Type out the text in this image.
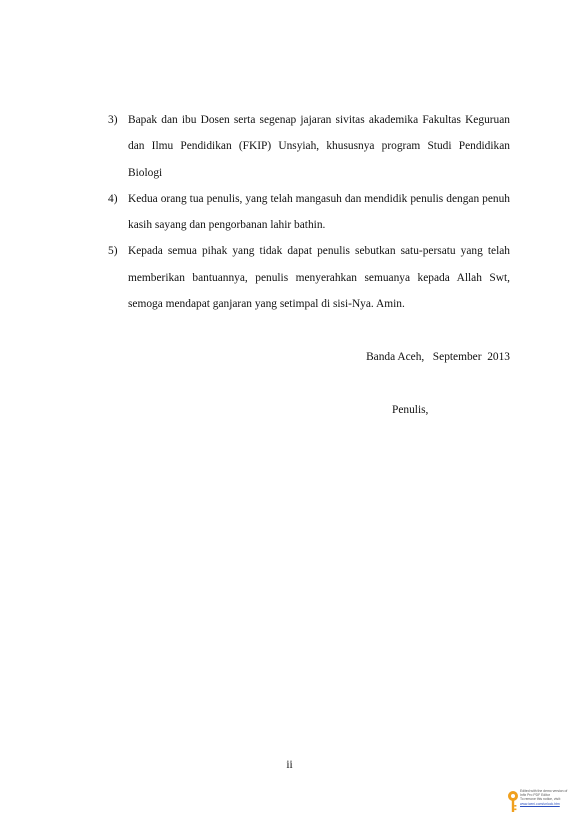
3) Bapak dan ibu Dosen serta segenap jajaran sivitas akademika Fakultas Keguruan dan Ilmu Pendidikan (FKIP) Unsyiah, khususnya program Studi Pendidikan Biologi
4) Kedua orang tua penulis, yang telah mangasuh dan mendidik penulis dengan penuh kasih sayang dan pengorbanan lahir bathin.
5) Kepada semua pihak yang tidak dapat penulis sebutkan satu-persatu yang telah memberikan bantuannya, penulis menyerahkan semuanya kepada Allah Swt, semoga mendapat ganjaran yang setimpal di sisi-Nya. Amin.
Banda Aceh,   September  2013
Penulis,
ii
Edited with the demo version of
Infix Pro PDF Editor
To remove this notice, visit:
www.iceni.com/unlock.htm
